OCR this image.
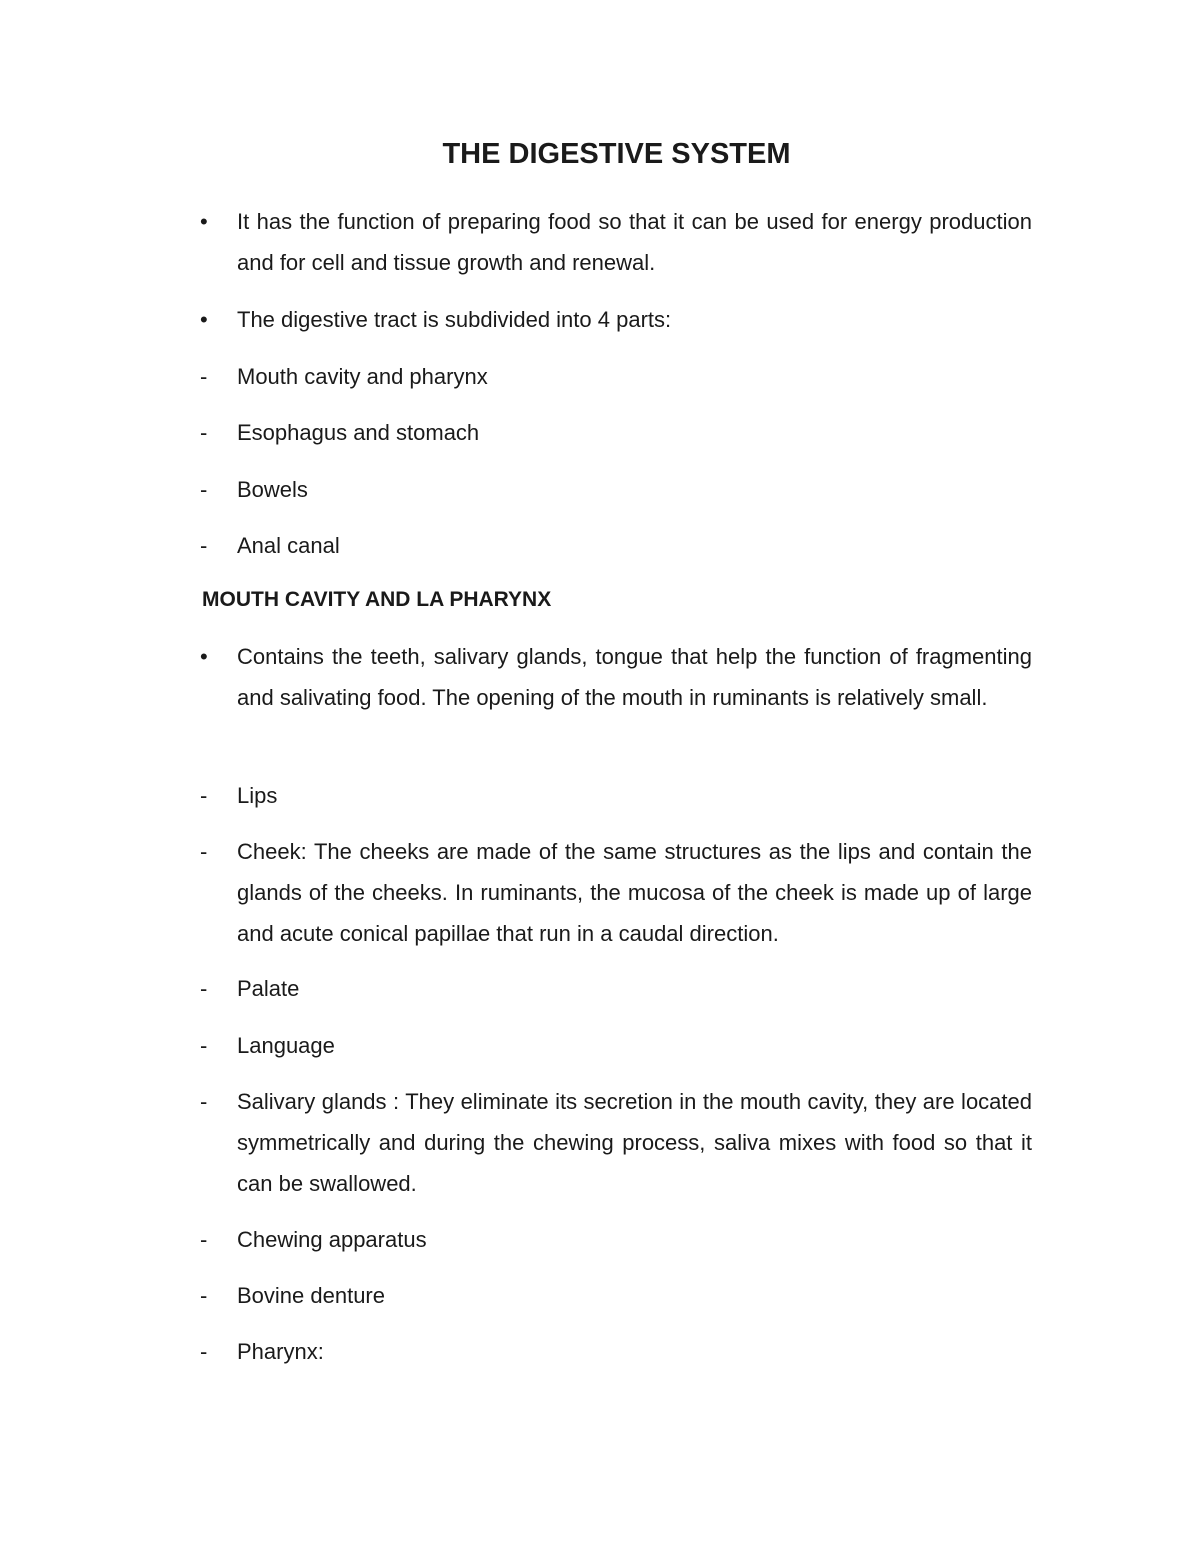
THE DIGESTIVE SYSTEM
•	It has the function of preparing food so that it can be used for energy production and for cell and tissue growth and renewal.
•	The digestive tract is subdivided into 4 parts:
-	Mouth cavity and pharynx
-	Esophagus and stomach
-	Bowels
-	Anal canal
MOUTH CAVITY AND LA PHARYNX
•	Contains the teeth, salivary glands, tongue that help the function of fragmenting and salivating food. The opening of the mouth in ruminants is relatively small.
-	Lips
-	Cheek: The cheeks are made of the same structures as the lips and contain the glands of the cheeks. In ruminants, the mucosa of the cheek is made up of large and acute conical papillae that run in a caudal direction.
-	Palate
-	Language
-	Salivary glands : They eliminate its secretion in the mouth cavity, they are located symmetrically and during the chewing process, saliva mixes with food so that it can be swallowed.
-	Chewing apparatus
-	Bovine denture
-	Pharynx:
